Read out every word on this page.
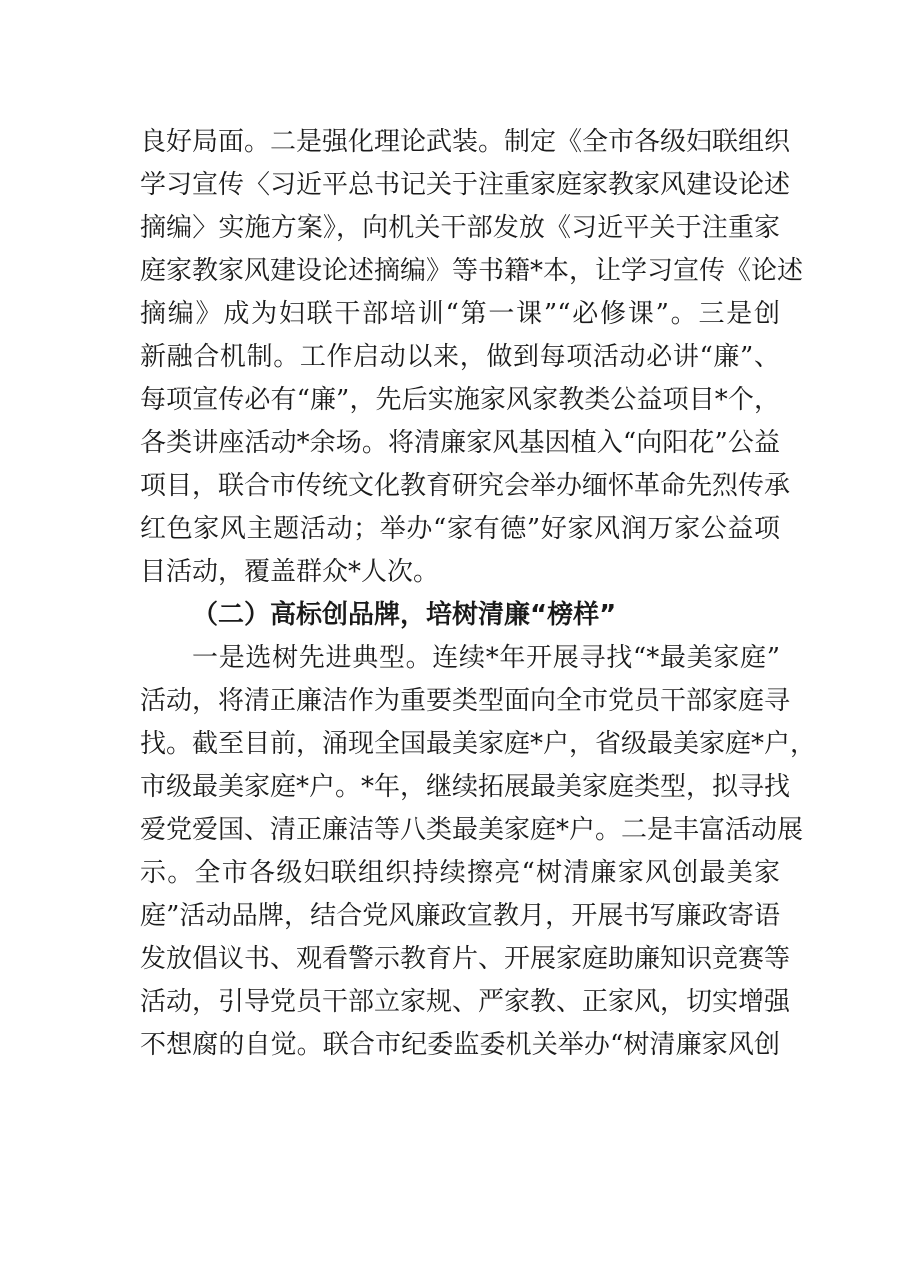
良好局面。二是强化理论武装。制定《全市各级妇联组织
学习宣传〈习近平总书记关于注重家庭家教家风建设论述
摘编〉实施方案》，向机关干部发放《习近平关于注重家
庭家教家风建设论述摘编》等书籍*本，让学习宣传《论述
摘编》成为妇联干部培训“第一课”“必修课”。三是创
新融合机制。工作启动以来，做到每项活动必讲“廉”、
每项宣传必有“廉”，先后实施家风家教类公益项目*个，
各类讲座活动*余场。将清廉家风基因植入“向阳花”公益
项目，联合市传统文化教育研究会举办缅怀革命先烈传承
红色家风主题活动；举办“家有德”好家风润万家公益项
目活动，覆盖群众*人次。
（二）高标创品牌，培树清廉“榜样”
一是选树先进典型。连续*年开展寻找“*最美家庭”
活动，将清正廉洁作为重要类型面向全市党员干部家庭寻
找。截至目前，涌现全国最美家庭*户，省级最美家庭*户，
市级最美家庭*户。*年，继续拓展最美家庭类型，拟寻找
爱党爱国、清正廉洁等八类最美家庭*户。二是丰富活动展
示。全市各级妇联组织持续擦亮“树清廉家风创最美家
庭”活动品牌，结合党风廉政宣教月，开展书写廉政寄语
发放倡议书、观看警示教育片、开展家庭助廉知识竞赛等
活动，引导党员干部立家规、严家教、正家风，切实增强
不想腐的自觉。联合市纪委监委机关举办“树清廉家风创
